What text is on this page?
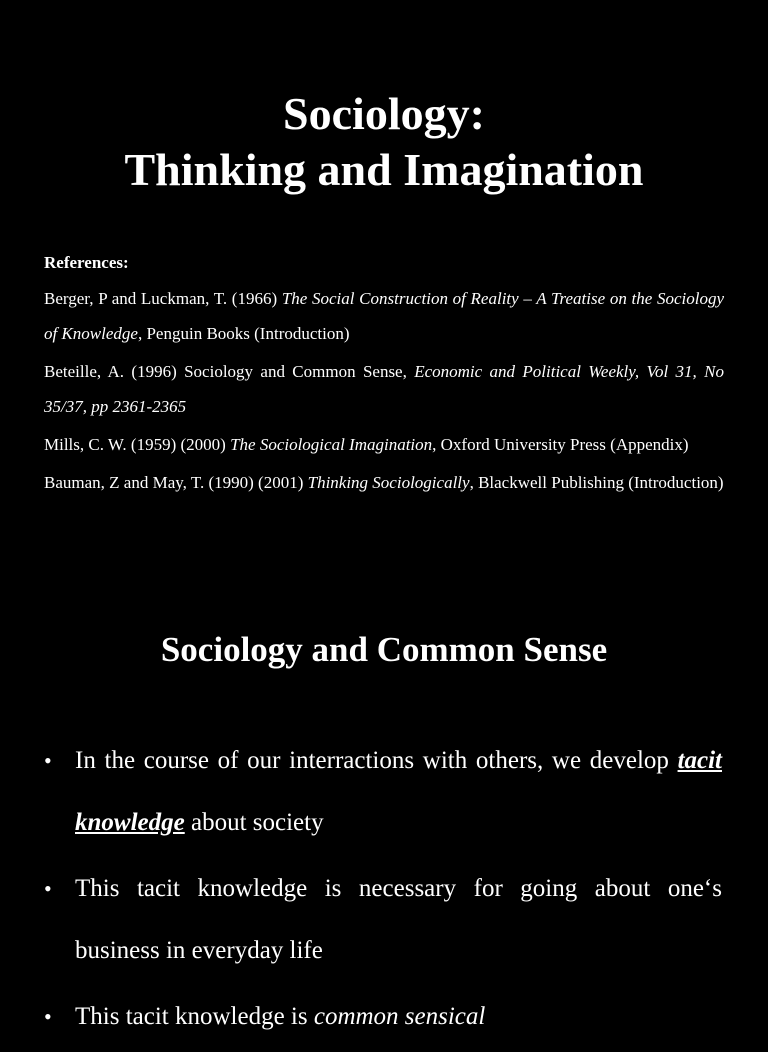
Sociology:
Thinking and Imagination
References:
Berger, P and Luckman, T. (1966) The Social Construction of Reality – A Treatise on the Sociology of Knowledge, Penguin Books (Introduction)
Beteille, A. (1996) Sociology and Common Sense, Economic and Political Weekly, Vol 31, No 35/37, pp 2361-2365
Mills, C. W. (1959) (2000) The Sociological Imagination, Oxford University Press (Appendix)
Bauman, Z and May, T. (1990) (2001) Thinking Sociologically, Blackwell Publishing (Introduction)
Sociology and Common Sense
• In the course of our interractions with others, we develop tacit knowledge about society
• This tacit knowledge is necessary for going about one‘s business in everyday life
• This tacit knowledge is common sensical
